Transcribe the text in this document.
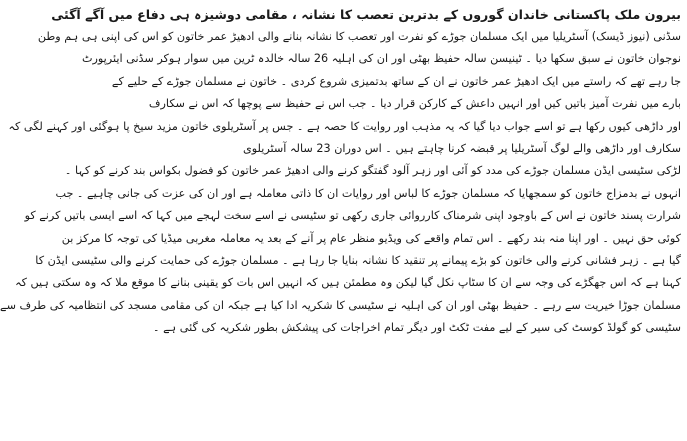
بیرون ملک پاکستانی خاندان گوروں کے بدترین تعصب کا نشانہ ، مقامی دوشیزہ ہی دفاع میں آگے آگئی

سڈنی (نیوز ڈیسک) آسٹریلیا میں ایک مسلمان جوڑے کو نفرت اور تعصب کا نشانہ بنانے والی ادھیڑ عمر خاتون کو اس کی اپنی ہی ہم وطن
نوجوان خاتون نے سبق سکھا دیا ۔ ٹینیسن سالہ حفیظ بھٹی اور ان کی اہلیہ 26 سالہ خالدہ ٹرین میں سوار ہوکر سڈنی ایئرپورٹ
جا رہے تھے کہ راستے میں ایک ادھیڑ عمر خاتون نے ان کے ساتھ بدتمیزی شروع کردی ۔ خاتون نے مسلمان جوڑے کے حلیے کے
بارے میں نفرت آمیز باتیں کیں اور انہیں داعش کے کارکن قرار دیا ۔ جب اس نے حفیظ سے پوچھا کہ اس نے سکارف
اور داڑھی کیوں رکھا ہے تو اسے جواب دیا گیا کہ یہ مذہب اور روایت کا حصہ ہے ۔ جس پر آسٹریلوی خاتون مزید سیخ پا ہوگئی اور کہنے لگی کہ
سکارف اور داڑھی والے لوگ آسٹریلیا پر قبضہ کرنا چاہتے ہیں ۔ اس دوران 23 سالہ آسٹریلوی
لڑکی سٹیسی ایڈن مسلمان جوڑے کی مدد کو آئی اور زہر آلود گفتگو کرنے والی ادھیڑ عمر خاتون کو فضول بکواس بند کرنے کو کہا ۔

انہوں نے بدمزاج خاتون کو سمجھایا کہ مسلمان جوڑے کا لباس اور روایات ان کا ذاتی معاملہ ہے اور ان کی عزت کی جانی چاہیے ۔ جب
شرارت پسند خاتون نے اس کے باوجود اپنی شرمناک کارروائی جاری رکھی تو سٹیسی نے اسے سخت لہجے میں کہا کہ اسے ایسی باتیں کرنے کو
کوئی حق نہیں ۔ اور اپنا منہ بند رکھے ۔ اس تمام واقعے کی ویڈیو منظر عام پر آنے کے بعد یہ معاملہ مغربی میڈیا کی توجہ کا مرکز بن
گیا ہے ۔ زہر فشانی کرنے والی خاتون کو بڑے پیمانے پر تنقید کا نشانہ بنایا جا رہا ہے ۔ مسلمان جوڑے کی حمایت کرنے والی سٹیسی ایڈن کا
کہنا ہے کہ اس جھگڑے کی وجہ سے ان کا سٹاپ نکل گیا لیکن وہ مطمئن ہیں کہ انہیں اس بات کو یقینی بنانے کا موقع ملا کہ وہ سکتی ہیں کہ
مسلمان جوڑا خیریت سے رہے ۔ حفیظ بھٹی اور ان کی اہلیہ نے سٹیسی کا شکریہ ادا کیا ہے جبکہ ان کی مقامی مسجد کی انتظامیہ کی طرف سے
سٹیسی کو گولڈ کوسٹ کی سیر کے لیے مفت ٹکٹ اور دیگر تمام اخراجات کی پیشکش بطور شکریہ کی گئی ہے ۔
